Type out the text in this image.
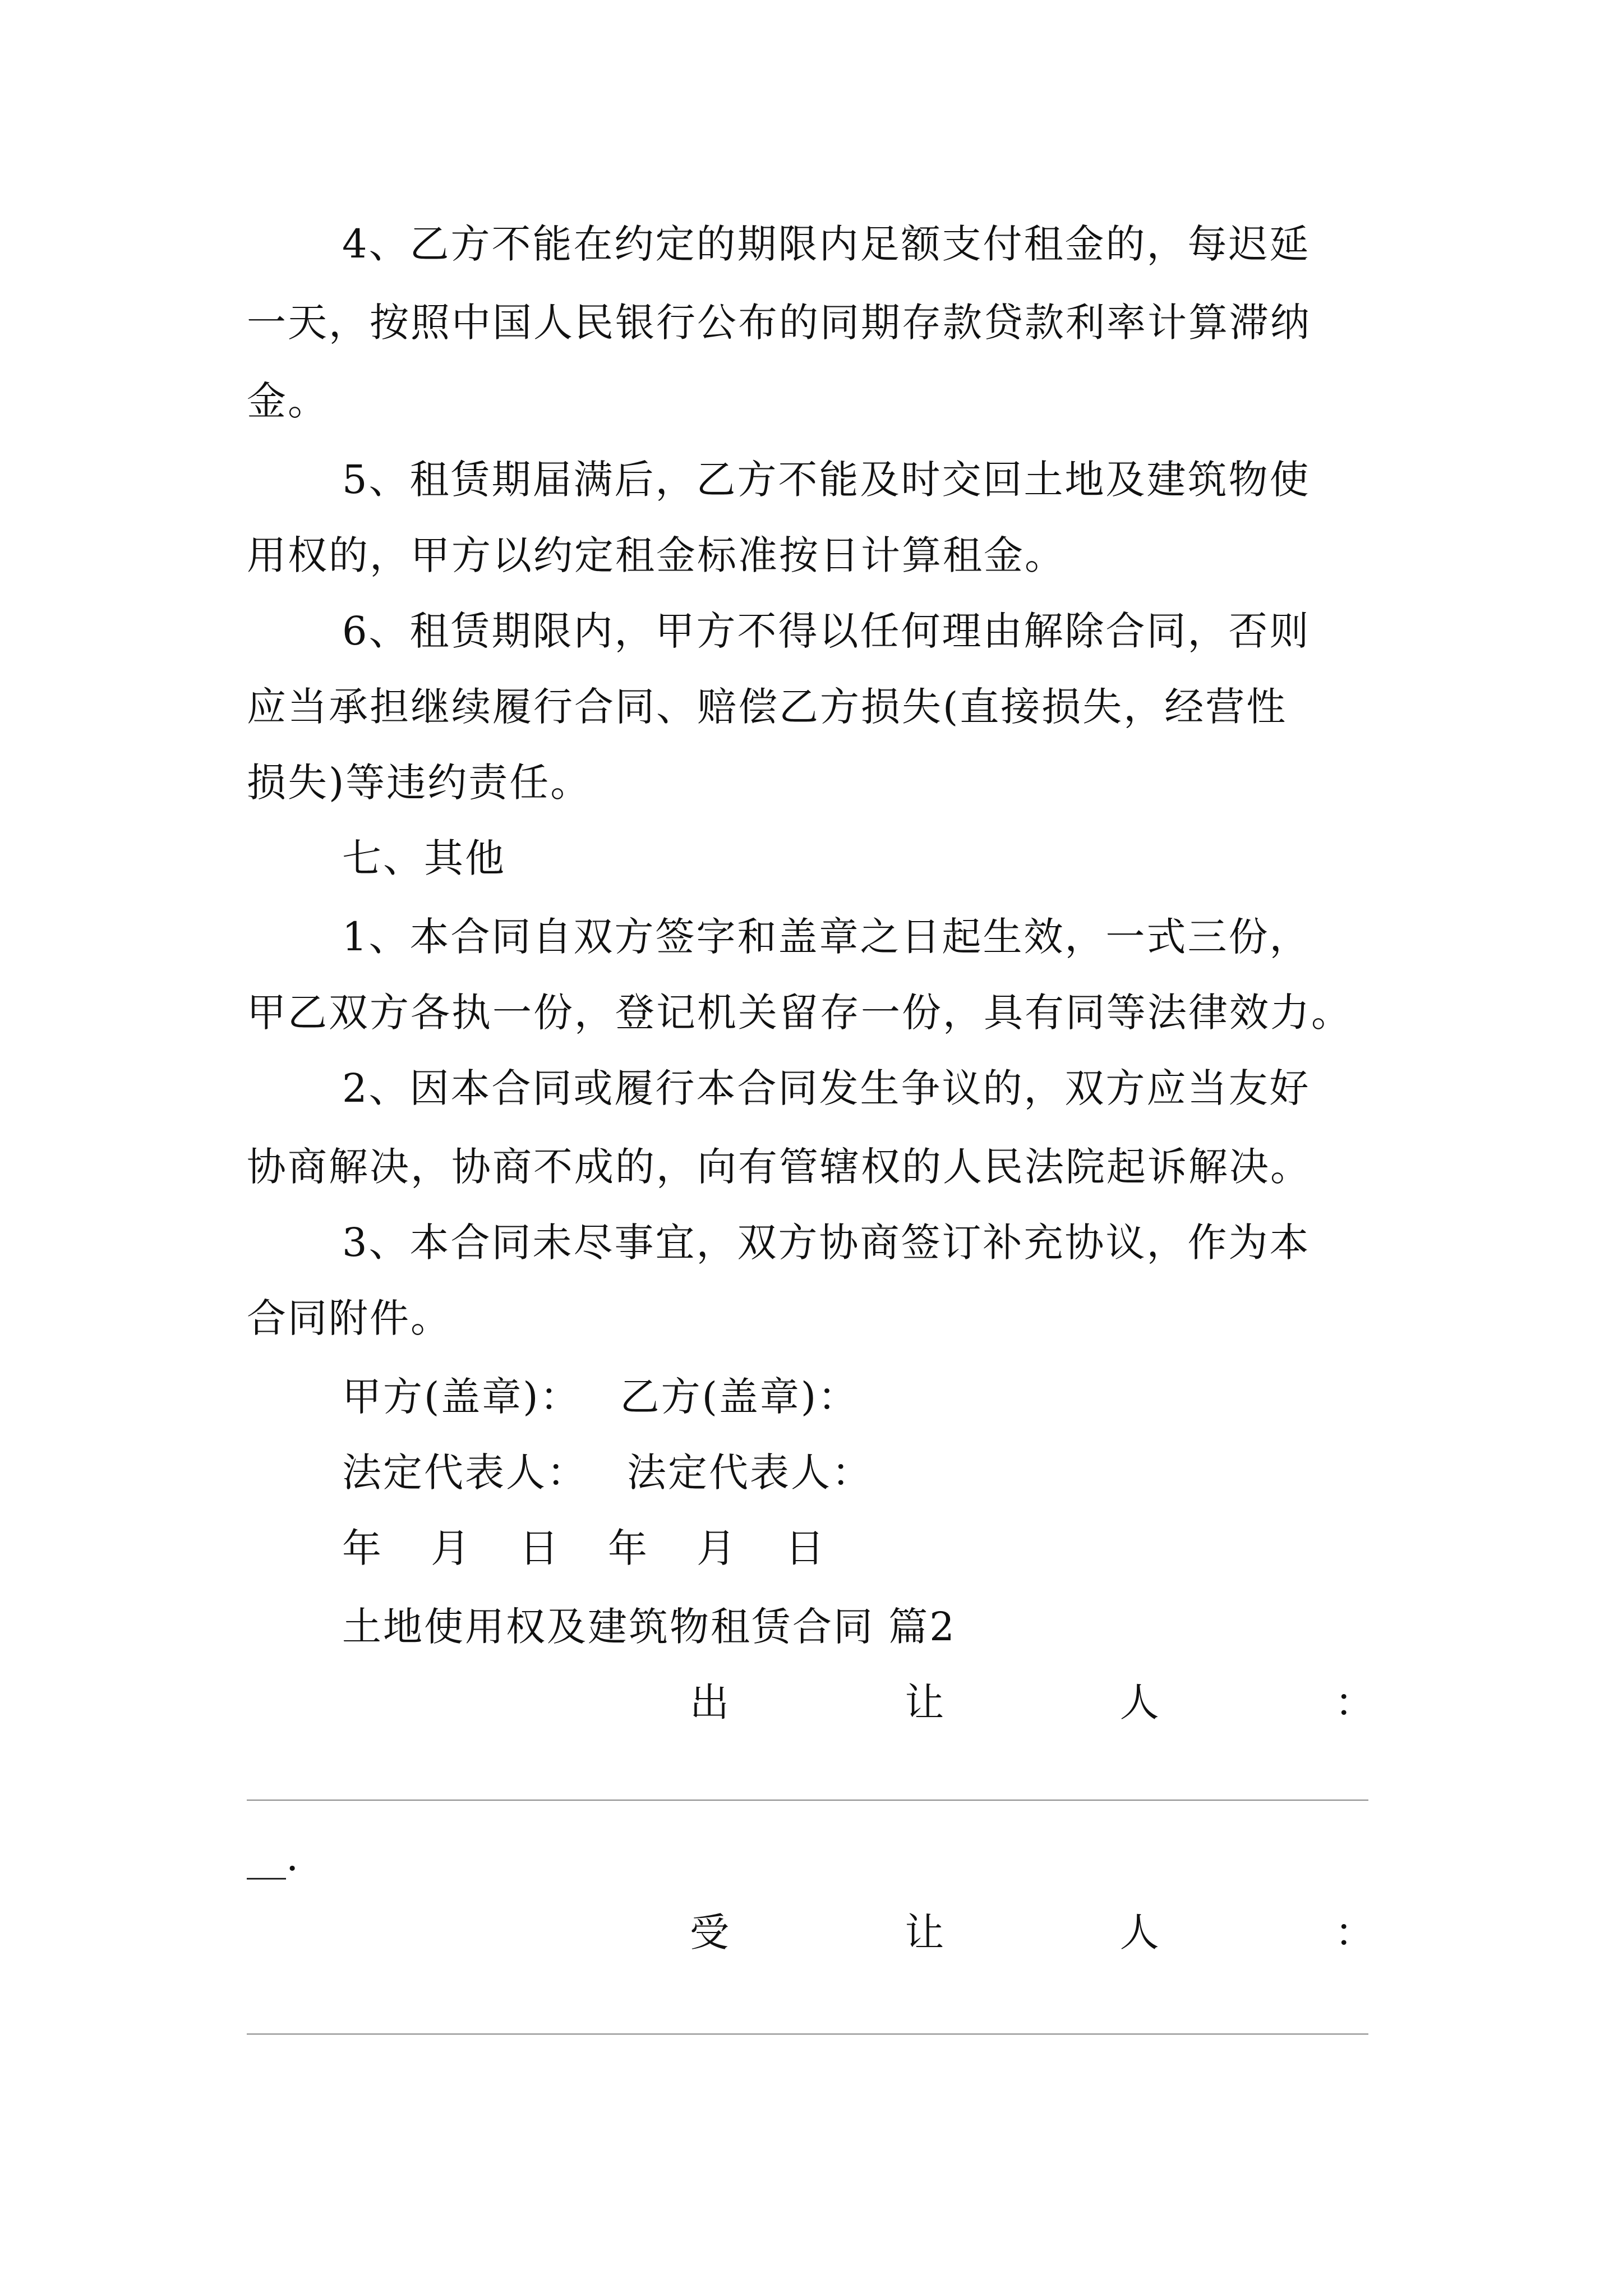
4、乙方不能在约定的期限内足额支付租金的，每迟延
一天，按照中国人民银行公布的同期存款贷款利率计算滞纳
金。
5、租赁期届满后，乙方不能及时交回土地及建筑物使
用权的，甲方以约定租金标准按日计算租金。
6、租赁期限内，甲方不得以任何理由解除合同，否则
应当承担继续履行合同、赔偿乙方损失(直接损失，经营性
损失)等违约责任。
七、其他
1、本合同自双方签字和盖章之日起生效，一式三份，
甲乙双方各执一份，登记机关留存一份，具有同等法律效力。
2、因本合同或履行本合同发生争议的，双方应当友好
协商解决，协商不成的，向有管辖权的人民法院起诉解决。
3、本合同未尽事宜，双方协商签订补充协议，作为本
合同附件。
甲方(盖章)： 乙方(盖章)：
法定代表人： 法定代表人：
年 月 日 年 月 日
土地使用权及建筑物租赁合同 篇2
出	让	人	：
__.
受	让	人	：
